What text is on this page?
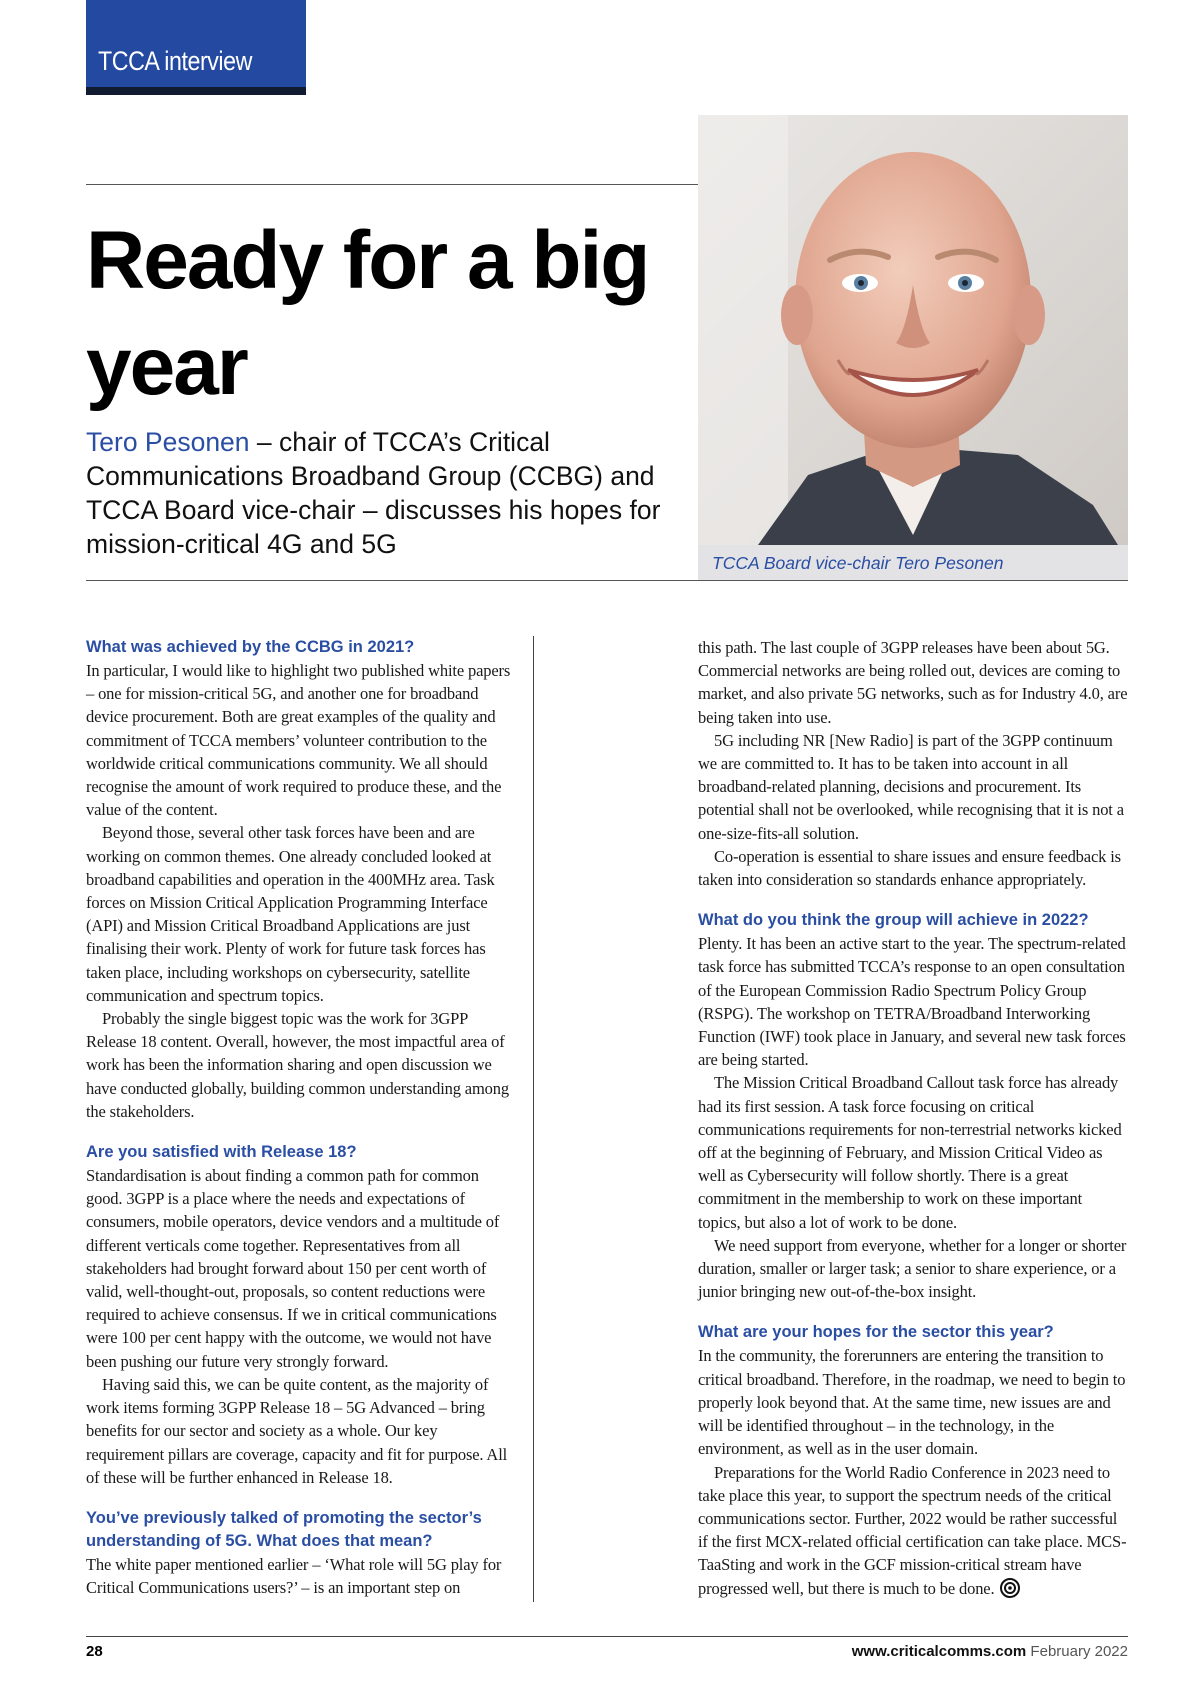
TCCA interview
Ready for a big year

Tero Pesonen – chair of TCCA’s Critical Communications Broadband Group (CCBG) and TCCA Board vice-chair – discusses his hopes for mission-critical 4G and 5G

TCCA Board vice-chair Tero Pesonen
What was achieved by the CCBG in 2021?

In particular, I would like to highlight two published white papers – one for mission-critical 5G, and another one for broadband device procurement. Both are great examples of the quality and commitment of TCCA members’ volunteer contribution to the worldwide critical communications community. We all should recognise the amount of work required to produce these, and the value of the content.

Beyond those, several other task forces have been and are working on common themes. One already concluded looked at broadband capabilities and operation in the 400MHz area. Task forces on Mission Critical Application Programming Interface (API) and Mission Critical Broadband Applications are just finalising their work. Plenty of work for future task forces has taken place, including workshops on cybersecurity, satellite communication and spectrum topics.

Probably the single biggest topic was the work for 3GPP Release 18 content. Overall, however, the most impactful area of work has been the information sharing and open discussion we have conducted globally, building common understanding among the stakeholders.

Are you satisfied with Release 18?

Standardisation is about finding a common path for common good. 3GPP is a place where the needs and expectations of consumers, mobile operators, device vendors and a multitude of different verticals come together. Representatives from all stakeholders had brought forward about 150 per cent worth of valid, well-thought-out, proposals, so content reductions were required to achieve consensus. If we in critical communications were 100 per cent happy with the outcome, we would not have been pushing our future very strongly forward.

Having said this, we can be quite content, as the majority of work items forming 3GPP Release 18 – 5G Advanced – bring benefits for our sector and society as a whole. Our key requirement pillars are coverage, capacity and fit for purpose. All of these will be further enhanced in Release 18.

You’ve previously talked of promoting the sector’s understanding of 5G. What does that mean?

The white paper mentioned earlier – ‘What role will 5G play for Critical Communications users?’ – is an important step on

this path. The last couple of 3GPP releases have been about 5G. Commercial networks are being rolled out, devices are coming to market, and also private 5G networks, such as for Industry 4.0, are being taken into use.

5G including NR [New Radio] is part of the 3GPP continuum we are committed to. It has to be taken into account in all broadband-related planning, decisions and procurement. Its potential shall not be overlooked, while recognising that it is not a one-size-fits-all solution.

Co-operation is essential to share issues and ensure feedback is taken into consideration so standards enhance appropriately.

What do you think the group will achieve in 2022?

Plenty. It has been an active start to the year. The spectrum-related task force has submitted TCCA’s response to an open consultation of the European Commission Radio Spectrum Policy Group (RSPG). The workshop on TETRA/Broadband Interworking Function (IWF) took place in January, and several new task forces are being started.

The Mission Critical Broadband Callout task force has already had its first session. A task force focusing on critical communications requirements for non-terrestrial networks kicked off at the beginning of February, and Mission Critical Video as well as Cybersecurity will follow shortly. There is a great commitment in the membership to work on these important topics, but also a lot of work to be done.

We need support from everyone, whether for a longer or shorter duration, smaller or larger task; a senior to share experience, or a junior bringing new out-of-the-box insight.

What are your hopes for the sector this year?

In the community, the forerunners are entering the transition to critical broadband. Therefore, in the roadmap, we need to begin to properly look beyond that. At the same time, new issues are and will be identified throughout – in the technology, in the environment, as well as in the user domain.

Preparations for the World Radio Conference in 2023 need to take place this year, to support the spectrum needs of the critical communications sector. Further, 2022 would be rather successful if the first MCX-related official certification can take place. MCS-TaaSting and work in the GCF mission-critical stream have progressed well, but there is much to be done.

28	www.criticalcomms.com February 2022
